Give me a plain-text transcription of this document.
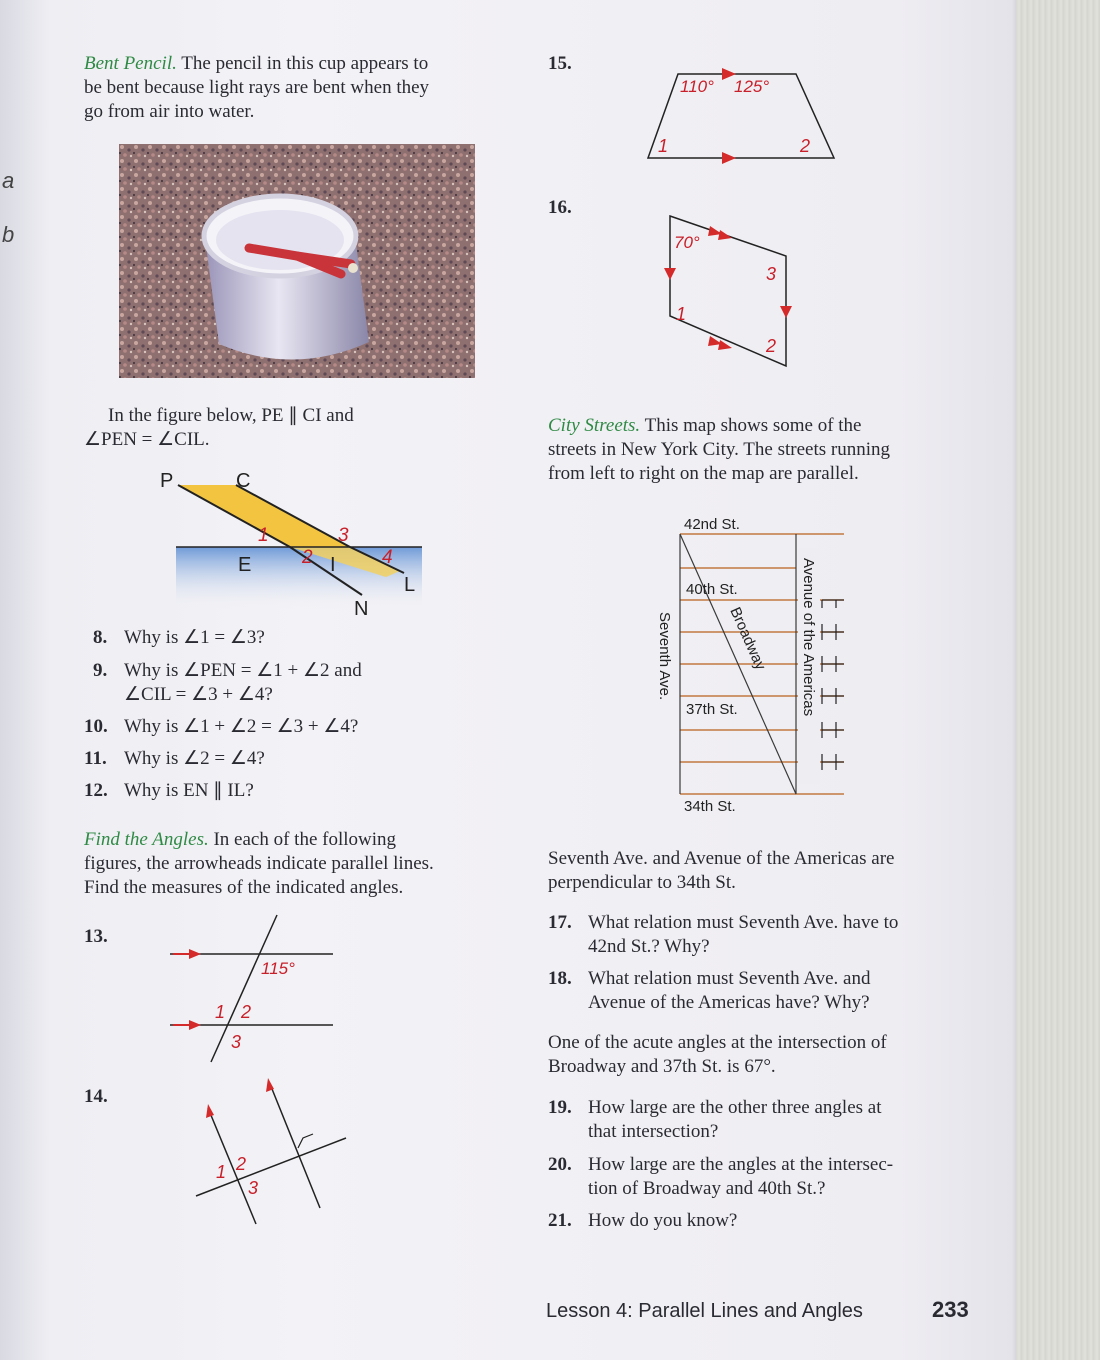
a
b
Bent Pencil. The pencil in this cup appears to
be bent because light rays are bent when they
go from air into water.
In the figure below, PE ∥ CI and
∠PEN = ∠CIL.
P	C
E	I
L
N
1
2
3
4
8. Why is ∠1 = ∠3?
9. Why is ∠PEN = ∠1 + ∠2 and
∠CIL = ∠3 + ∠4?
10. Why is ∠1 + ∠2 = ∠3 + ∠4?
11. Why is ∠2 = ∠4?
12. Why is EN ∥ IL?
Find the Angles. In each of the following
figures, the arrowheads indicate parallel lines.
Find the measures of the indicated angles.
13.
115°
1 2
3
14.
1 2
3
15.
110° 125°
1	2
16.
70°
1
2
3
City Streets. This map shows some of the
streets in New York City. The streets running
from left to right on the map are parallel.
42nd St.
40th St.
37th St.
34th St.
Seventh Ave.	Broadway Avenue of the Americas
Seventh Ave. and Avenue of the Americas are
perpendicular to 34th St.
17. What relation must Seventh Ave. have to
42nd St.? Why?
18. What relation must Seventh Ave. and
Avenue of the Americas have? Why?
One of the acute angles at the intersection of
Broadway and 37th St. is 67°.
19. How large are the other three angles at
that intersection?
20. How large are the angles at the intersec-
tion of Broadway and 40th St.?
21. How do you know?
Lesson 4: Parallel Lines and Angles	233
